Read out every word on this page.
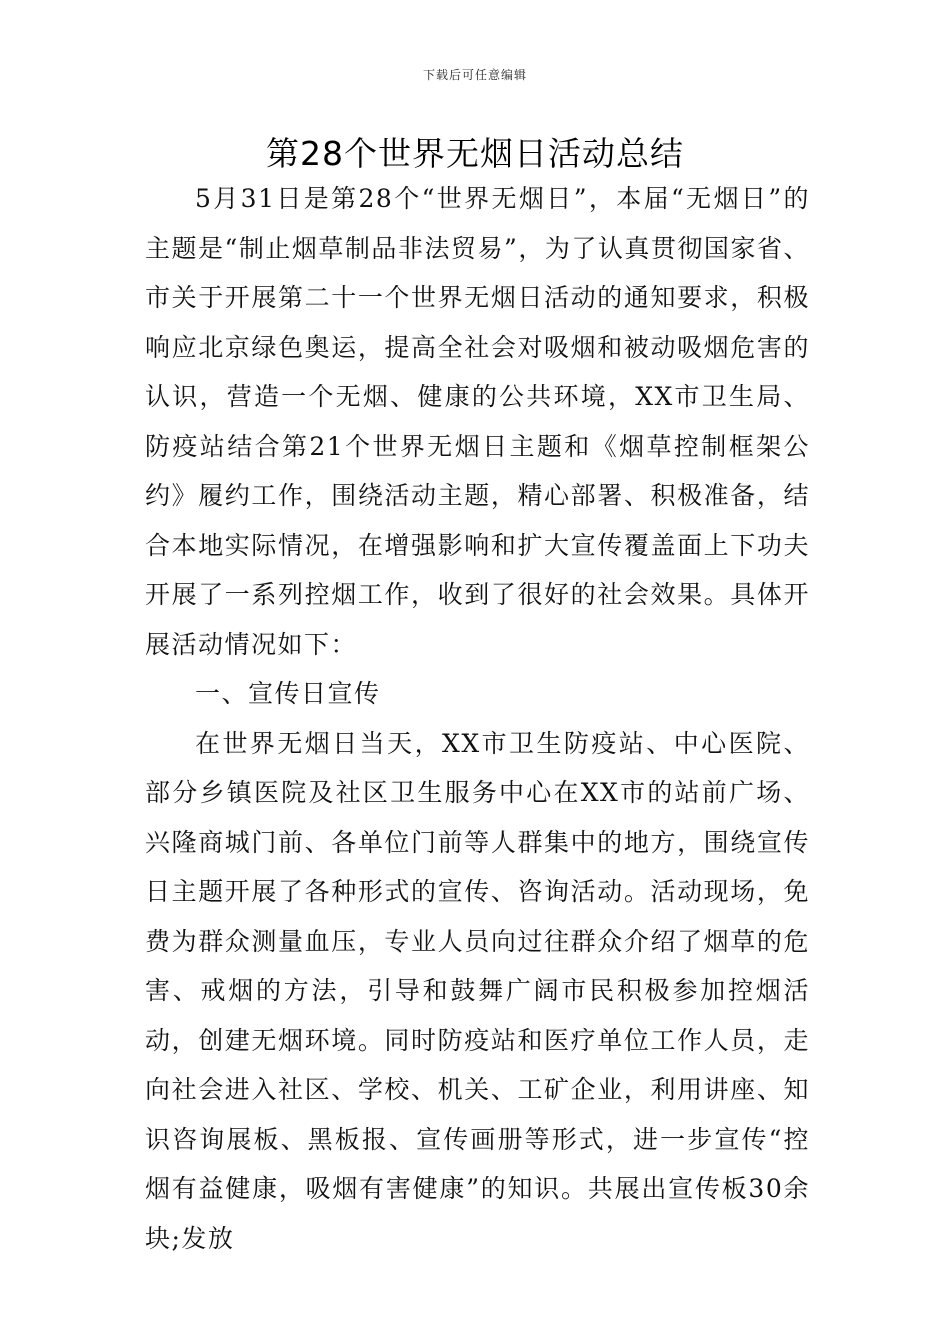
下载后可任意编辑
第28个世界无烟日活动总结

5月31日是第28个“世界无烟日”，本届“无烟日”的主题是“制止烟草制品非法贸易”，为了认真贯彻国家省、市关于开展第二十一个世界无烟日活动的通知要求，积极响应北京绿色奥运，提高全社会对吸烟和被动吸烟危害的认识，营造一个无烟、健康的公共环境，XX市卫生局、防疫站结合第21个世界无烟日主题和《烟草控制框架公约》履约工作，围绕活动主题，精心部署、积极准备，结合本地实际情况，在增强影响和扩大宣传覆盖面上下功夫开展了一系列控烟工作，收到了很好的社会效果。具体开展活动情况如下：

一、宣传日宣传

在世界无烟日当天，XX市卫生防疫站、中心医院、部分乡镇医院及社区卫生服务中心在XX市的站前广场、兴隆商城门前、各单位门前等人群集中的地方，围绕宣传日主题开展了各种形式的宣传、咨询活动。活动现场，免费为群众测量血压，专业人员向过往群众介绍了烟草的危害、戒烟的方法，引导和鼓舞广阔市民积极参加控烟活动，创建无烟环境。同时防疫站和医疗单位工作人员，走向社会进入社区、学校、机关、工矿企业，利用讲座、知识咨询展板、黑板报、宣传画册等形式，进一步宣传“控烟有益健康，吸烟有害健康”的知识。共展出宣传板30余块;发放
